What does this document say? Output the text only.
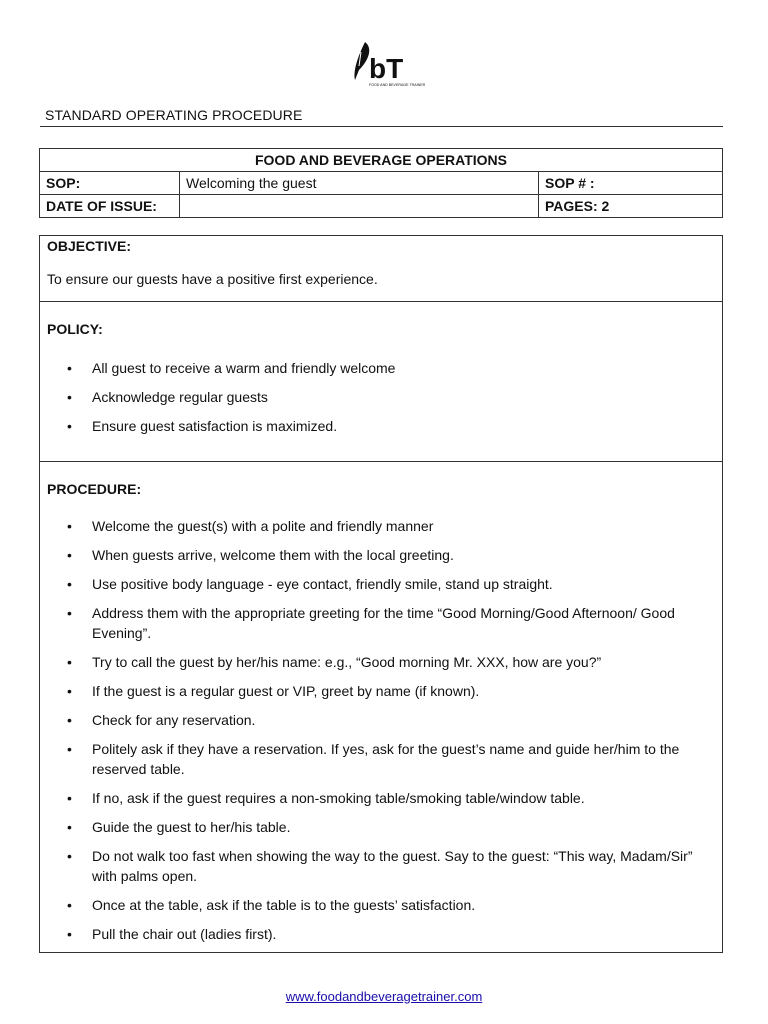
bT
FOOD AND BEVERAGE TRAINER
STANDARD OPERATING PROCEDURE
FOOD AND BEVERAGE OPERATIONS		
SOP:	Welcoming the guest	SOP # :
DATE OF ISSUE:		PAGES: 2
OBJECTIVE:
To ensure our guests have a positive first experience.
POLICY:
• All guest to receive a warm and friendly welcome
• Acknowledge regular guests
• Ensure guest satisfaction is maximized.
PROCEDURE:
• Welcome the guest(s) with a polite and friendly manner
• When guests arrive, welcome them with the local greeting.
• Use positive body language - eye contact, friendly smile, stand up straight.
• Address them with the appropriate greeting for the time “Good Morning/Good Afternoon/ Good Evening”.
• Try to call the guest by her/his name: e.g., “Good morning Mr. XXX, how are you?”
• If the guest is a regular guest or VIP, greet by name (if known).
• Check for any reservation.
• Politely ask if they have a reservation. If yes, ask for the guest’s name and guide her/him to the reserved table.
• If no, ask if the guest requires a non-smoking table/smoking table/window table.
• Guide the guest to her/his table.
• Do not walk too fast when showing the way to the guest. Say to the guest: “This way, Madam/Sir” with palms open.
• Once at the table, ask if the table is to the guests’ satisfaction.
• Pull the chair out (ladies first).
www.foodandbeveragetrainer.com
